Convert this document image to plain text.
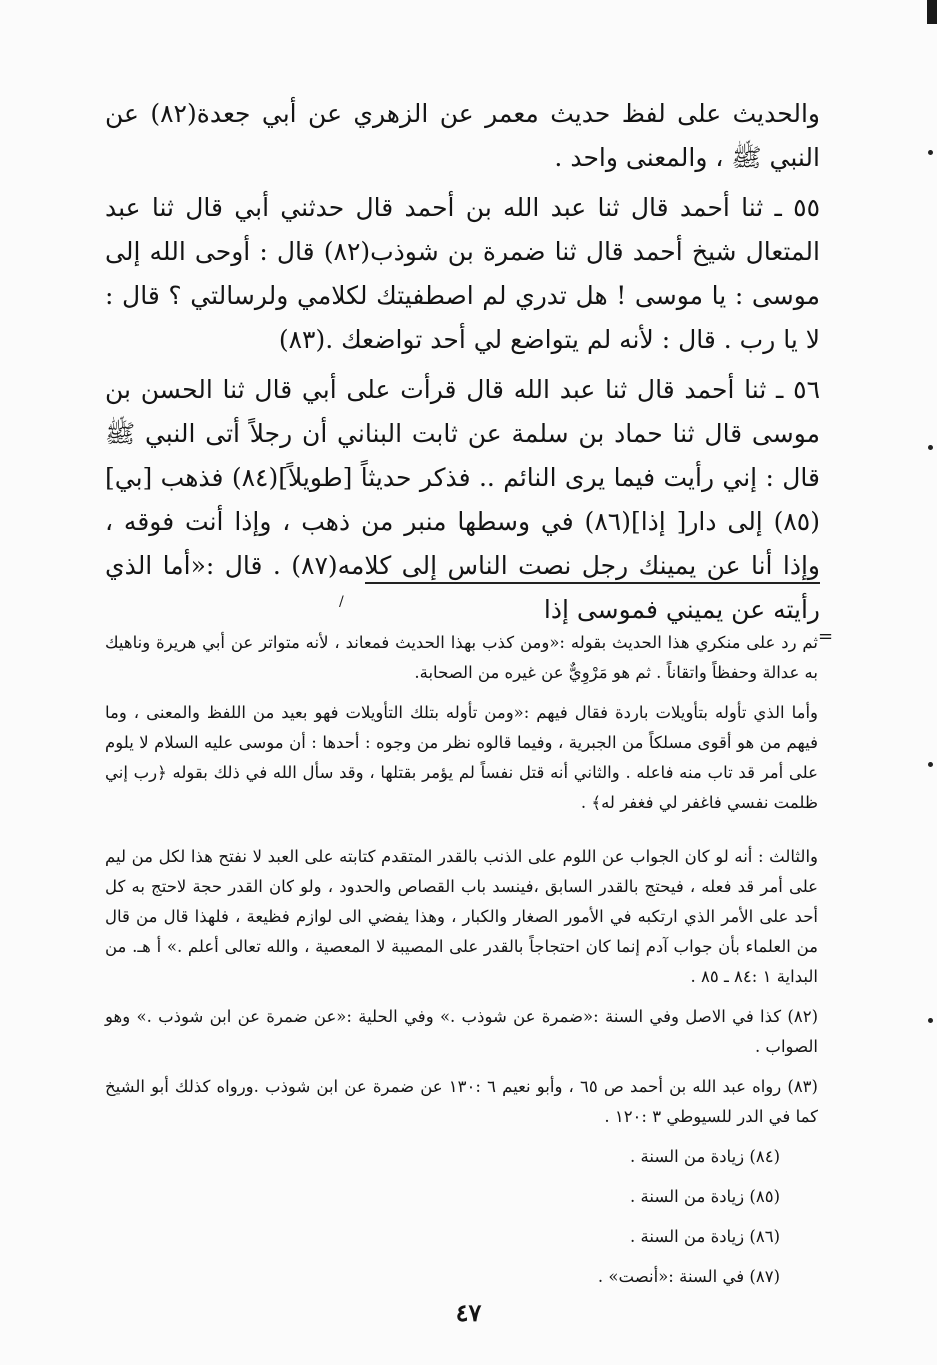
والحديث على لفظ حديث معمر عن الزهري عن أبي جعدة(٨٢) عن النبي ﷺ ، والمعنى واحد .

٥٥ ـ ثنا أحمد قال ثنا عبد الله بن أحمد قال حدثني أبي قال ثنا عبد المتعال شيخ أحمد قال ثنا ضمرة بن شوذب(٨٢) قال : أوحى الله إلى موسى : يا موسى ! هل تدري لم اصطفيتك لكلامي ولرسالتي ؟ قال : لا يا رب . قال : لأنه لم يتواضع لي أحد تواضعك .(٨٣)

٥٦ ـ ثنا أحمد قال ثنا عبد الله قال قرأت على أبي قال ثنا الحسن بن موسى قال ثنا حماد بن سلمة عن ثابت البناني أن رجلاً أتى النبي ﷺ قال : إني رأيت فيما يرى النائم .. فذكر حديثاً [طويلاً](٨٤) فذهب [بي](٨٥) إلى دار[ إذا](٨٦) في وسطها منبر من ذهب ، وإذا أنت فوقه ، وإذا أنا عن يمينك رجل نصت الناس إلى كلامه(٨٧) . قال :«أما الذي رأيته عن يميني فموسى إذا

/
=

ثم رد على منكري هذا الحديث بقوله :«ومن كذب بهذا الحديث فمعاند ، لأنه متواتر عن أبي هريرة وناهيك به عدالة وحفظاً واتقاناً . ثم هو مَرْوِيٌّ عن غيره من الصحابة.

وأما الذي تأوله بتأويلات باردة فقال فيهم :«ومن تأوله بتلك التأويلات فهو بعيد من اللفظ والمعنى ، وما فيهم من هو أقوى مسلكاً من الجبرية ، وفيما قالوه نظر من وجوه : أحدها : أن موسى عليه السلام لا يلوم على أمر قد تاب منه فاعله . والثاني أنه قتل نفساً لم يؤمر بقتلها ، وقد سأل الله في ذلك بقوله ﴿رب إني ظلمت نفسي فاغفر لي فغفر له﴾ .

والثالث : أنه لو كان الجواب عن اللوم على الذنب بالقدر المتقدم كتابته على العبد لا نفتح هذا لكل من ليم على أمر قد فعله ، فيحتج بالقدر السابق ،فينسد باب القصاص والحدود ، ولو كان القدر حجة لاحتج به كل أحد على الأمر الذي ارتكبه في الأمور الصغار والكبار ، وهذا يفضي الى لوازم فظيعة ، فلهذا قال من قال من العلماء بأن جواب آدم إنما كان احتجاجاً بالقدر على المصيبة لا المعصية ، والله تعالى أعلم .» أ هـ. من البداية ١ :٨٤ ـ ٨٥ .

(٨٢) كذا في الاصل وفي السنة :«ضمرة عن شوذب .» وفي الحلية :«عن ضمرة عن ابن شوذب .» وهو الصواب .

(٨٣) رواه عبد الله بن أحمد ص ٦٥ ، وأبو نعيم ٦ :١٣٠ عن ضمرة عن ابن شوذب .ورواه كذلك أبو الشيخ كما في الدر للسيوطي ٣ :١٢٠ .

(٨٤) زيادة من السنة .

(٨٥) زيادة من السنة .

(٨٦) زيادة من السنة .

(٨٧) في السنة :«أنصت» .

٤٧
